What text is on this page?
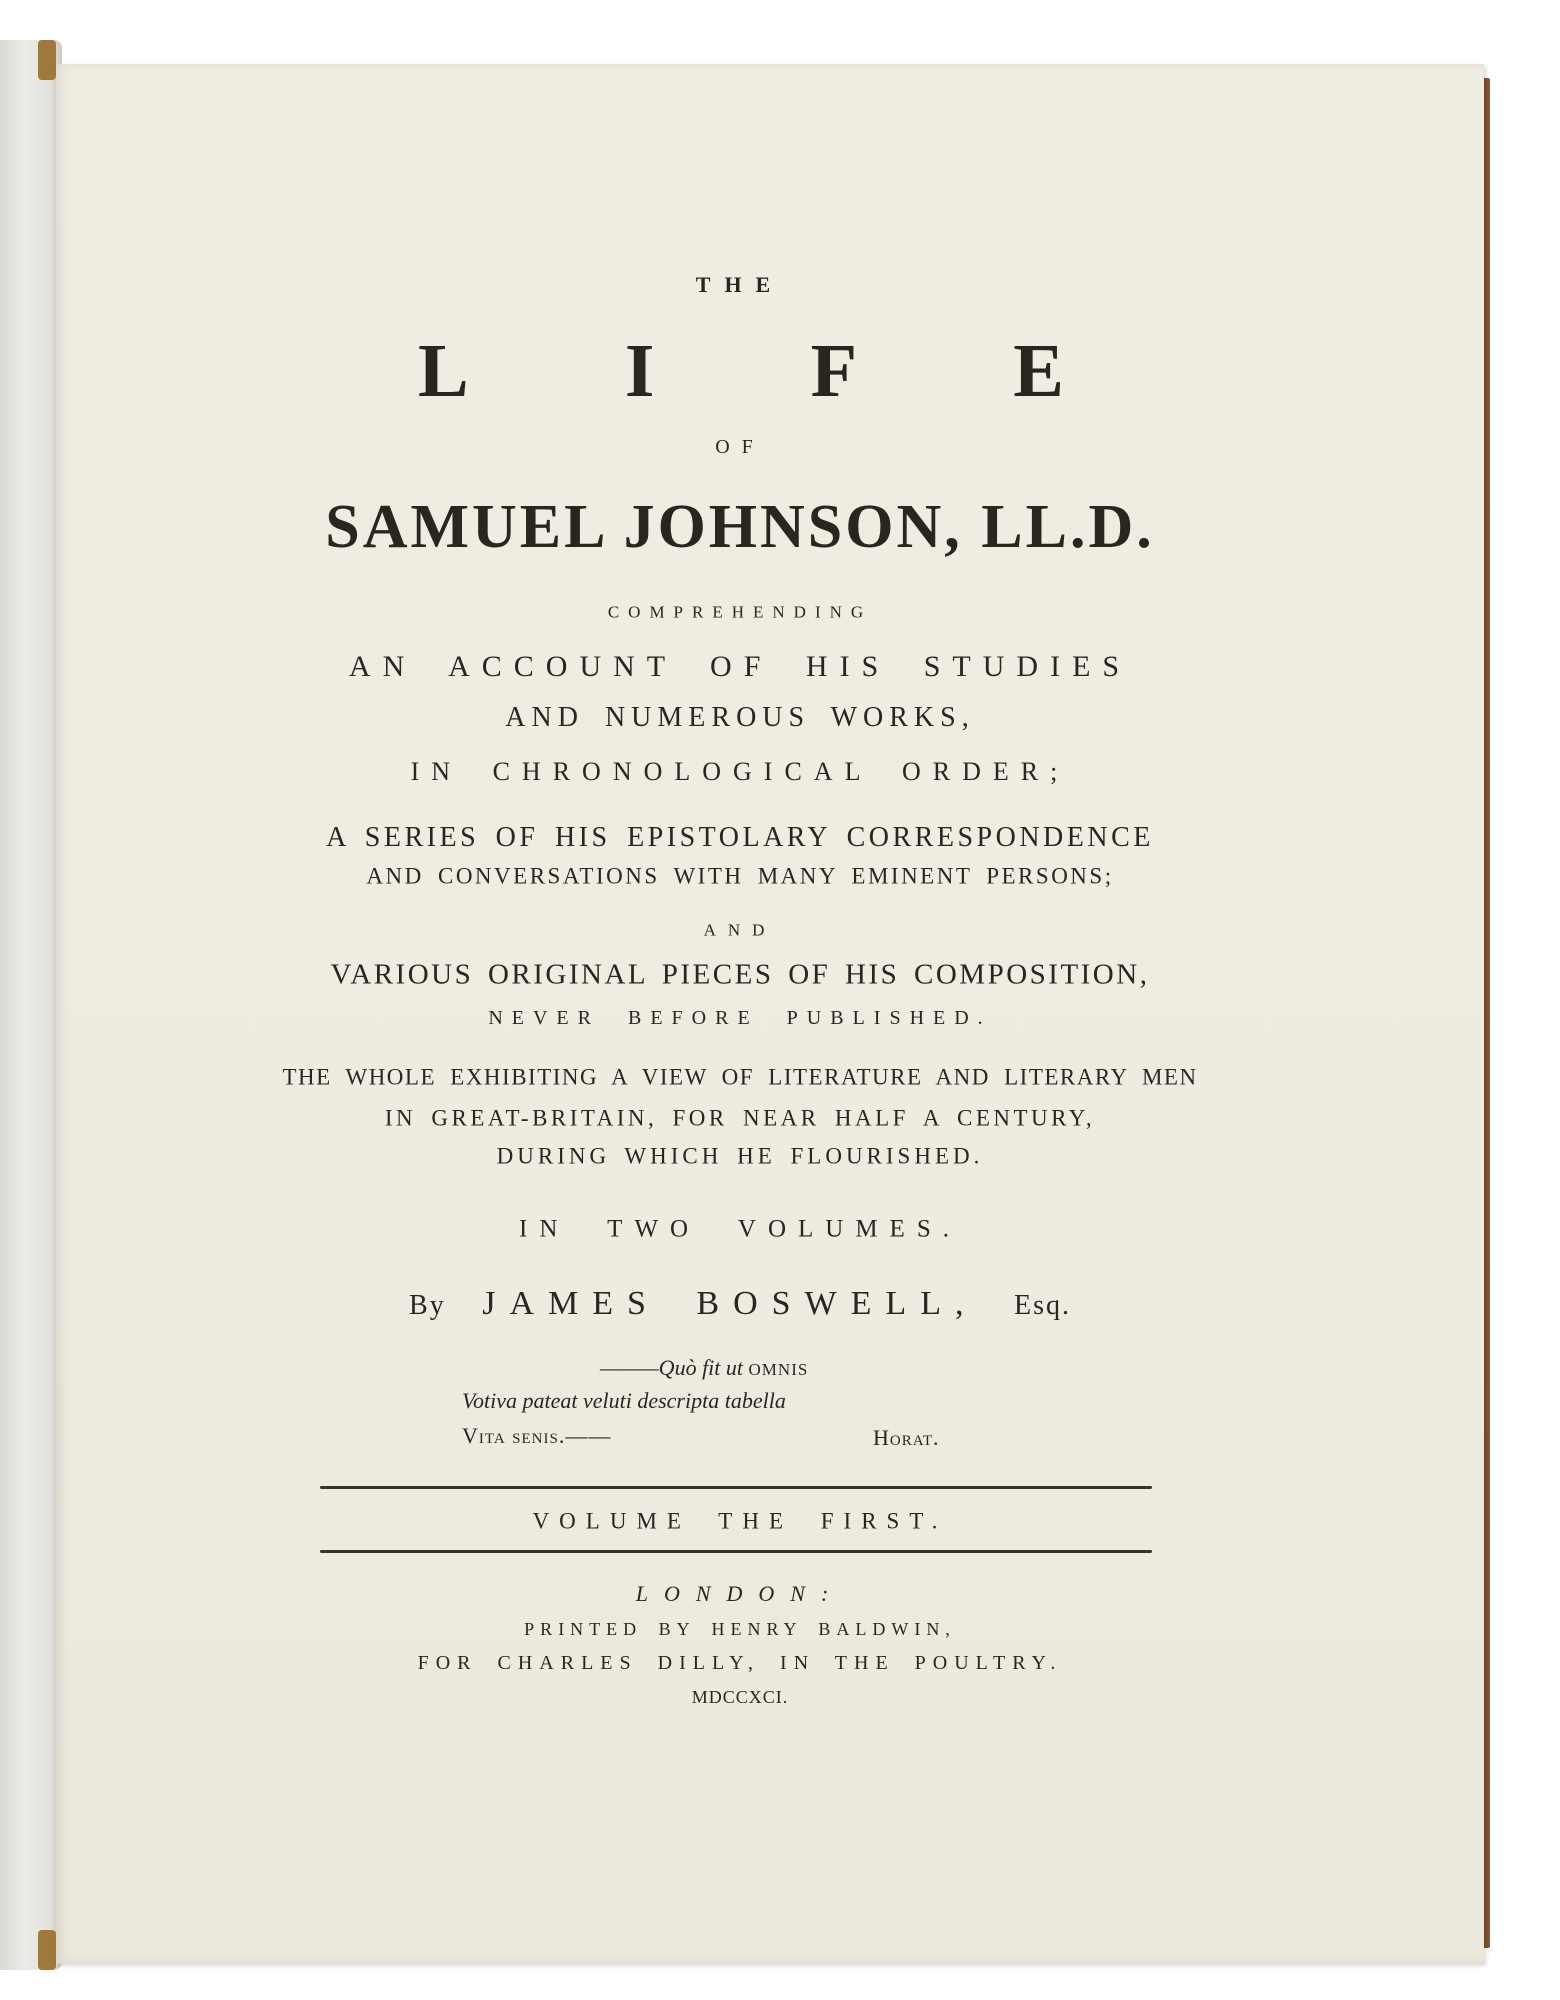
THE
L I F E
OF
SAMUEL JOHNSON, LL.D.
COMPREHENDING
AN ACCOUNT OF HIS STUDIES
AND NUMEROUS WORKS,
IN CHRONOLOGICAL ORDER;
A SERIES OF HIS EPISTOLARY CORRESPONDENCE
AND CONVERSATIONS WITH MANY EMINENT PERSONS;
AND
VARIOUS ORIGINAL PIECES OF HIS COMPOSITION,
NEVER BEFORE PUBLISHED.
THE WHOLE EXHIBITING A VIEW OF LITERATURE AND LITERARY MEN
IN GREAT-BRITAIN, FOR NEAR HALF A CENTURY,
DURING WHICH HE FLOURISHED.
IN TWO VOLUMES.
By JAMES BOSWELL, Esq.
———Quò fit ut OMNIS
Votiva pateat veluti descripta tabella
Vita senis.——	Horat.
VOLUME THE FIRST.
LONDON:
PRINTED BY HENRY BALDWIN,
FOR CHARLES DILLY, IN THE POULTRY.
MDCCXCI.
